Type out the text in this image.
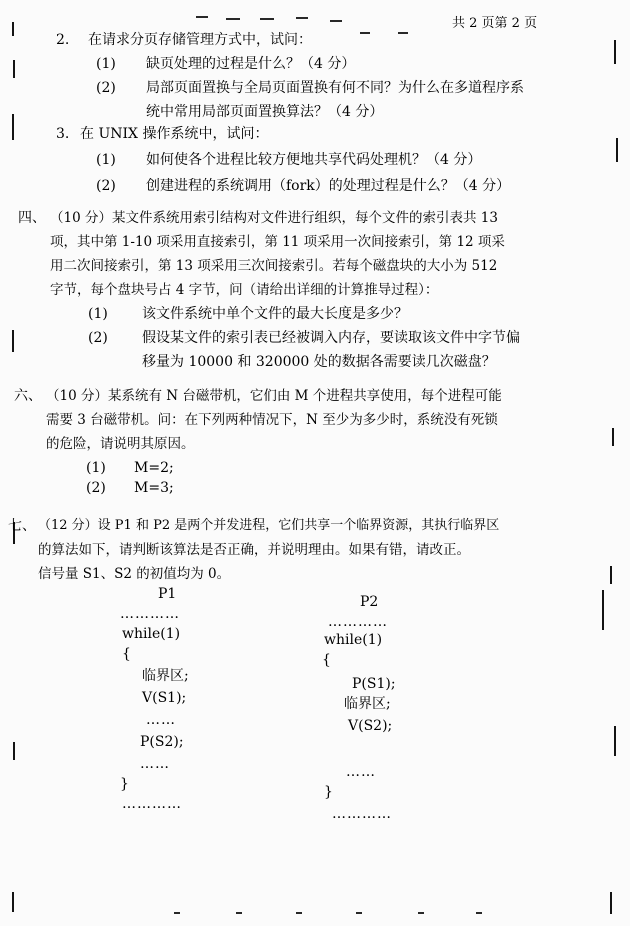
共 2 页第 2 页
2. 在请求分页存储管理方式中，试问：
(1) 缺页处理的过程是什么？（4 分）
(2) 局部页面置换与全局页面置换有何不同？为什么在多道程序系
统中常用局部页面置换算法？（4 分）
3. 在 UNIX 操作系统中，试问：
(1) 如何使各个进程比较方便地共享代码处理机？（4 分）
(2) 创建进程的系统调用（fork）的处理过程是什么？（4 分）
四、 （10 分）某文件系统用索引结构对文件进行组织，每个文件的索引表共 13
项，其中第 1-10 项采用直接索引，第 11 项采用一次间接索引，第 12 项采
用二次间接索引，第 13 项采用三次间接索引。若每个磁盘块的大小为 512
字节，每个盘块号占 4 字节，问（请给出详细的计算推导过程）：
(1) 该文件系统中单个文件的最大长度是多少？
(2) 假设某文件的索引表已经被调入内存，要读取该文件中字节偏
移量为 10000 和 320000 处的数据各需要读几次磁盘？
六、 （10 分）某系统有 N 台磁带机，它们由 M 个进程共享使用，每个进程可能
需要 3 台磁带机。问：在下列两种情况下，N 至少为多少时，系统没有死锁
的危险，请说明其原因。
(1) M=2;
(2) M=3;
七、 （12 分）设 P1 和 P2 是两个并发进程，它们共享一个临界资源，其执行临界区
的算法如下，请判断该算法是否正确，并说明理由。如果有错，请改正。
信号量 S1、S2 的初值均为 0。
P1
…………
while(1)
{
临界区;
V(S1);
……
P(S2);
……
}
…………
P2
…………
while(1)
{
P(S1);
临界区;
V(S2);
……
}
…………
